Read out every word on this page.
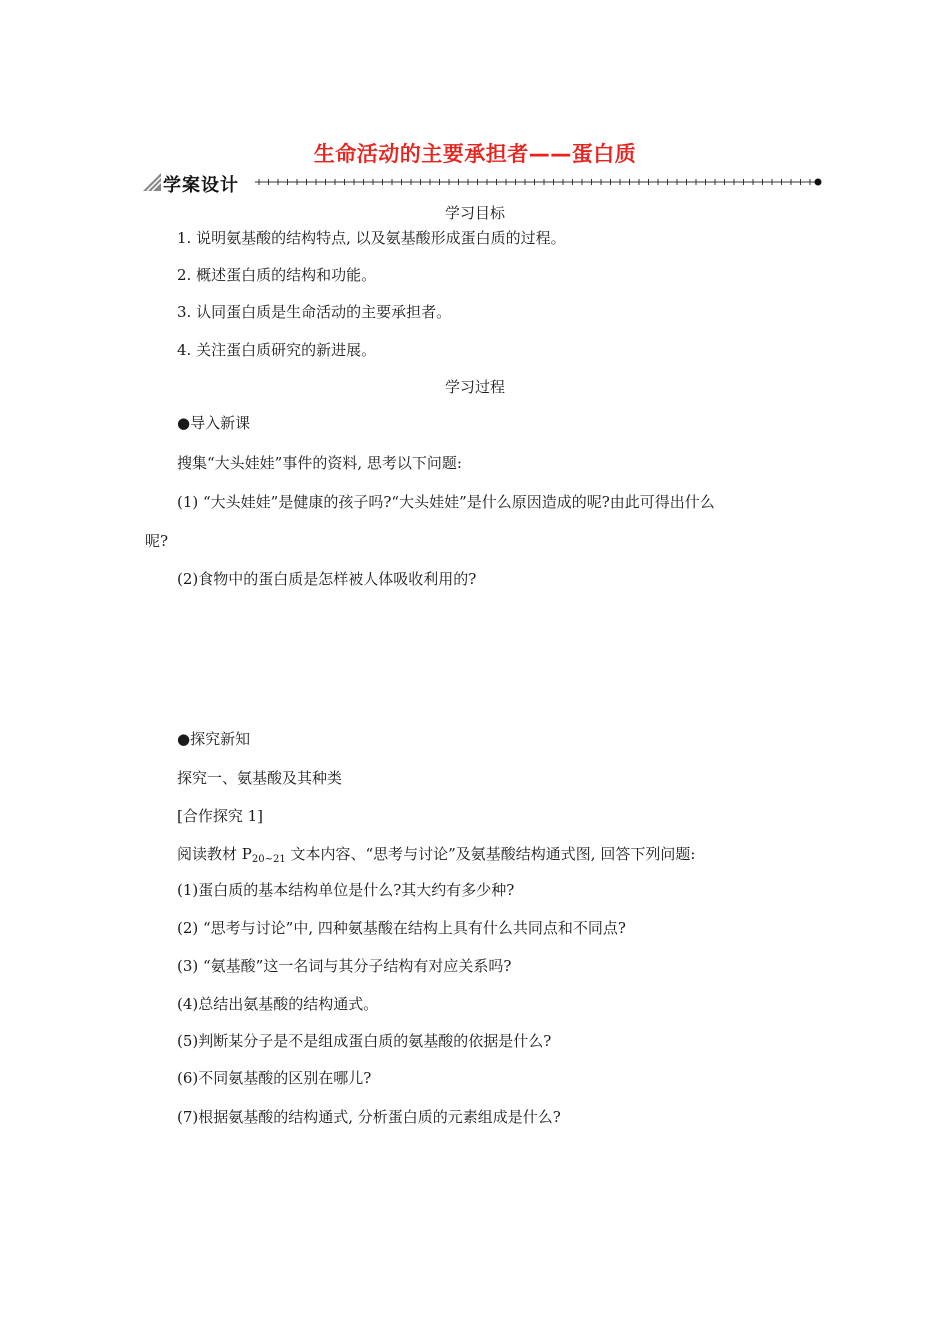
生命活动的主要承担者——蛋白质
学案设计
学习目标
1. 说明氨基酸的结构特点, 以及氨基酸形成蛋白质的过程。
2. 概述蛋白质的结构和功能。
3. 认同蛋白质是生命活动的主要承担者。
4. 关注蛋白质研究的新进展。
学习过程
●导入新课
搜集“大头娃娃”事件的资料, 思考以下问题:
(1) “大头娃娃”是健康的孩子吗?“大头娃娃”是什么原因造成的呢?由此可得出什么
呢?
(2)食物中的蛋白质是怎样被人体吸收利用的?
●探究新知
探究一、氨基酸及其种类
[合作探究 1]
阅读教材 $P_{20\sim 21}$ 文本内容、“思考与讨论”及氨基酸结构通式图, 回答下列问题:
(1)蛋白质的基本结构单位是什么?其大约有多少种?
(2) “思考与讨论”中, 四种氨基酸在结构上具有什么共同点和不同点?
(3) “氨基酸”这一名词与其分子结构有对应关系吗?
(4)总结出氨基酸的结构通式。
(5)判断某分子是不是组成蛋白质的氨基酸的依据是什么?
(6)不同氨基酸的区别在哪儿?
(7)根据氨基酸的结构通式, 分析蛋白质的元素组成是什么?
